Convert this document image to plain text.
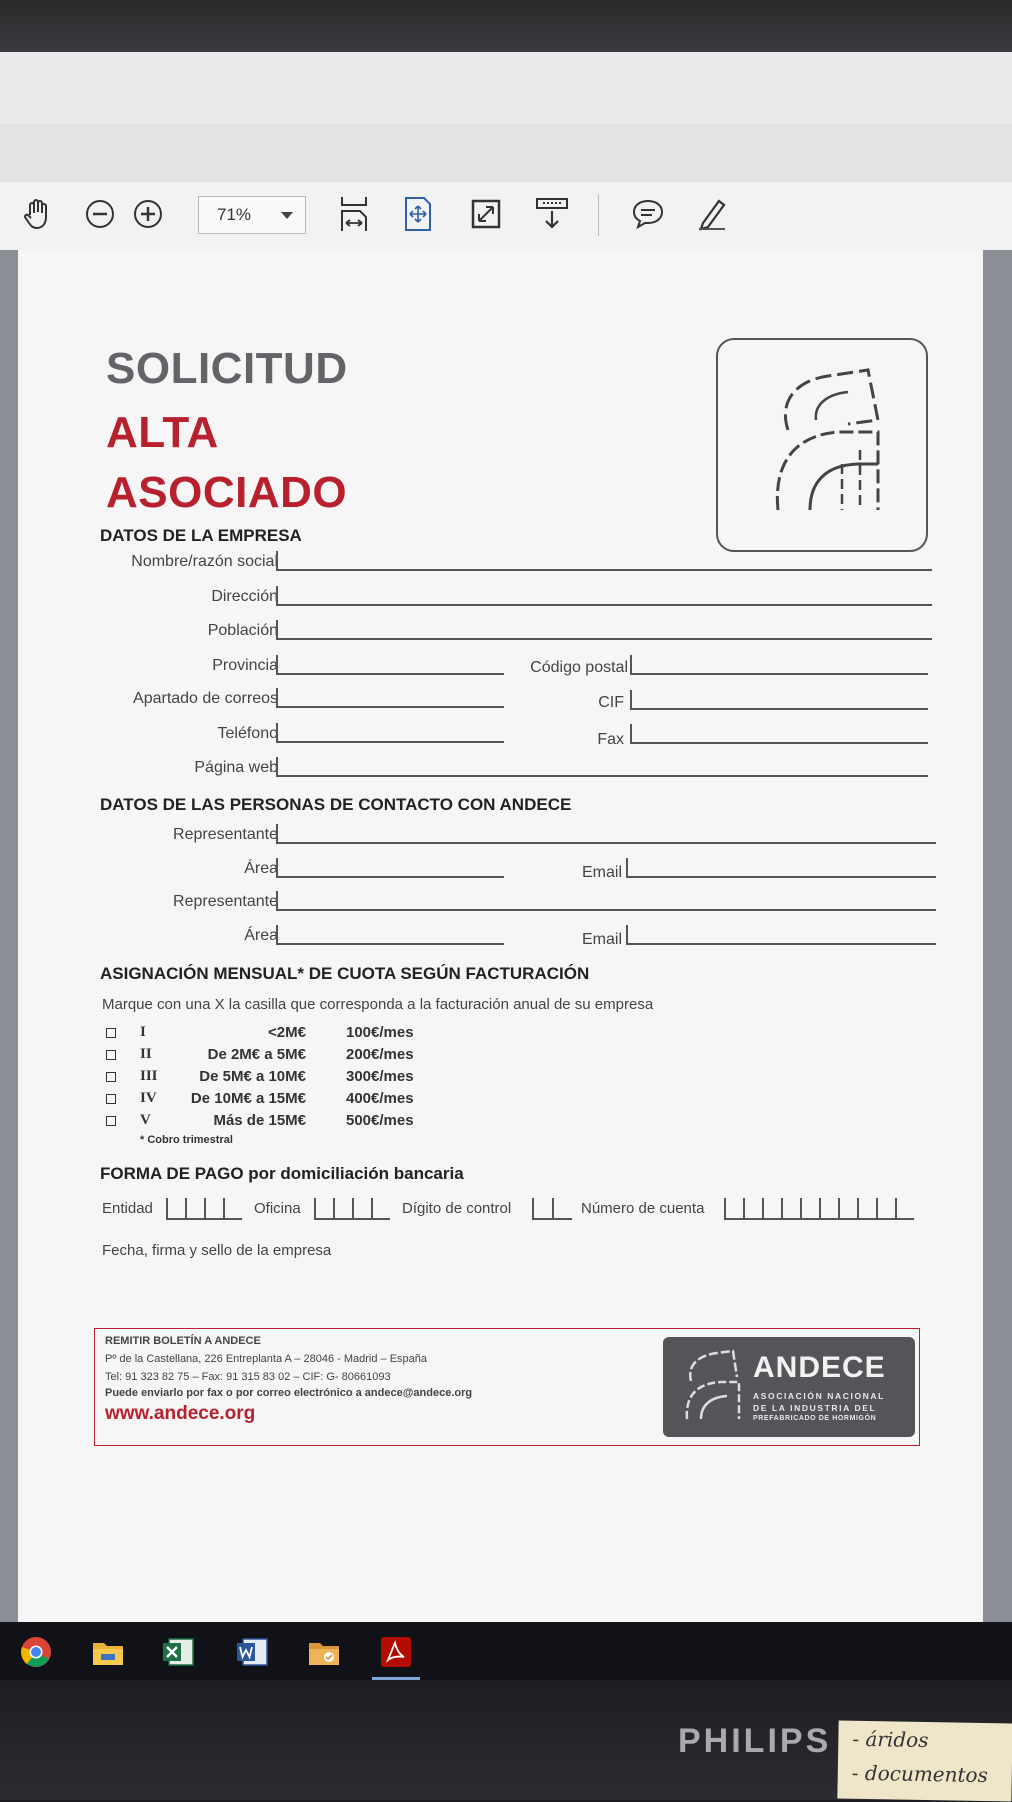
71%
SOLICITUD
ALTA
ASOCIADO
DATOS DE LA EMPRESA
Nombre/razón social
Dirección
Población
Provincia	Código postal
Apartado de correos	CIF
Teléfono	Fax
Página web
DATOS DE LAS PERSONAS DE CONTACTO CON ANDECE
Representante
Área	Email
Representante
Área	Email
ASIGNACIÓN MENSUAL* DE CUOTA SEGÚN FACTURACIÓN
Marque con una X la casilla que corresponda a la facturación anual de su empresa
I	<2M€	100€/mes
II	De 2M€ a 5M€	200€/mes
III	De 5M€ a 10M€	300€/mes
IV	De 10M€ a 15M€	400€/mes
V	Más de 15M€	500€/mes
* Cobro trimestral
FORMA DE PAGO por domiciliación bancaria
Entidad	Oficina	Dígito de control	Número de cuenta
Fecha, firma y sello de la empresa
REMITIR BOLETÍN A ANDECE
Pº de la Castellana, 226 Entreplanta A – 28046 - Madrid – España
Tel: 91 323 82 75 – Fax: 91 315 83 02 – CIF: G- 80661093
Puede enviarlo por fax o por correo electrónico a andece@andece.org
www.andece.org
ANDECE
ASOCIACIÓN NACIONAL
DE LA INDUSTRIA DEL
PREFABRICADO DE HORMIGÓN
PHILIPS - áridos
- documentos
